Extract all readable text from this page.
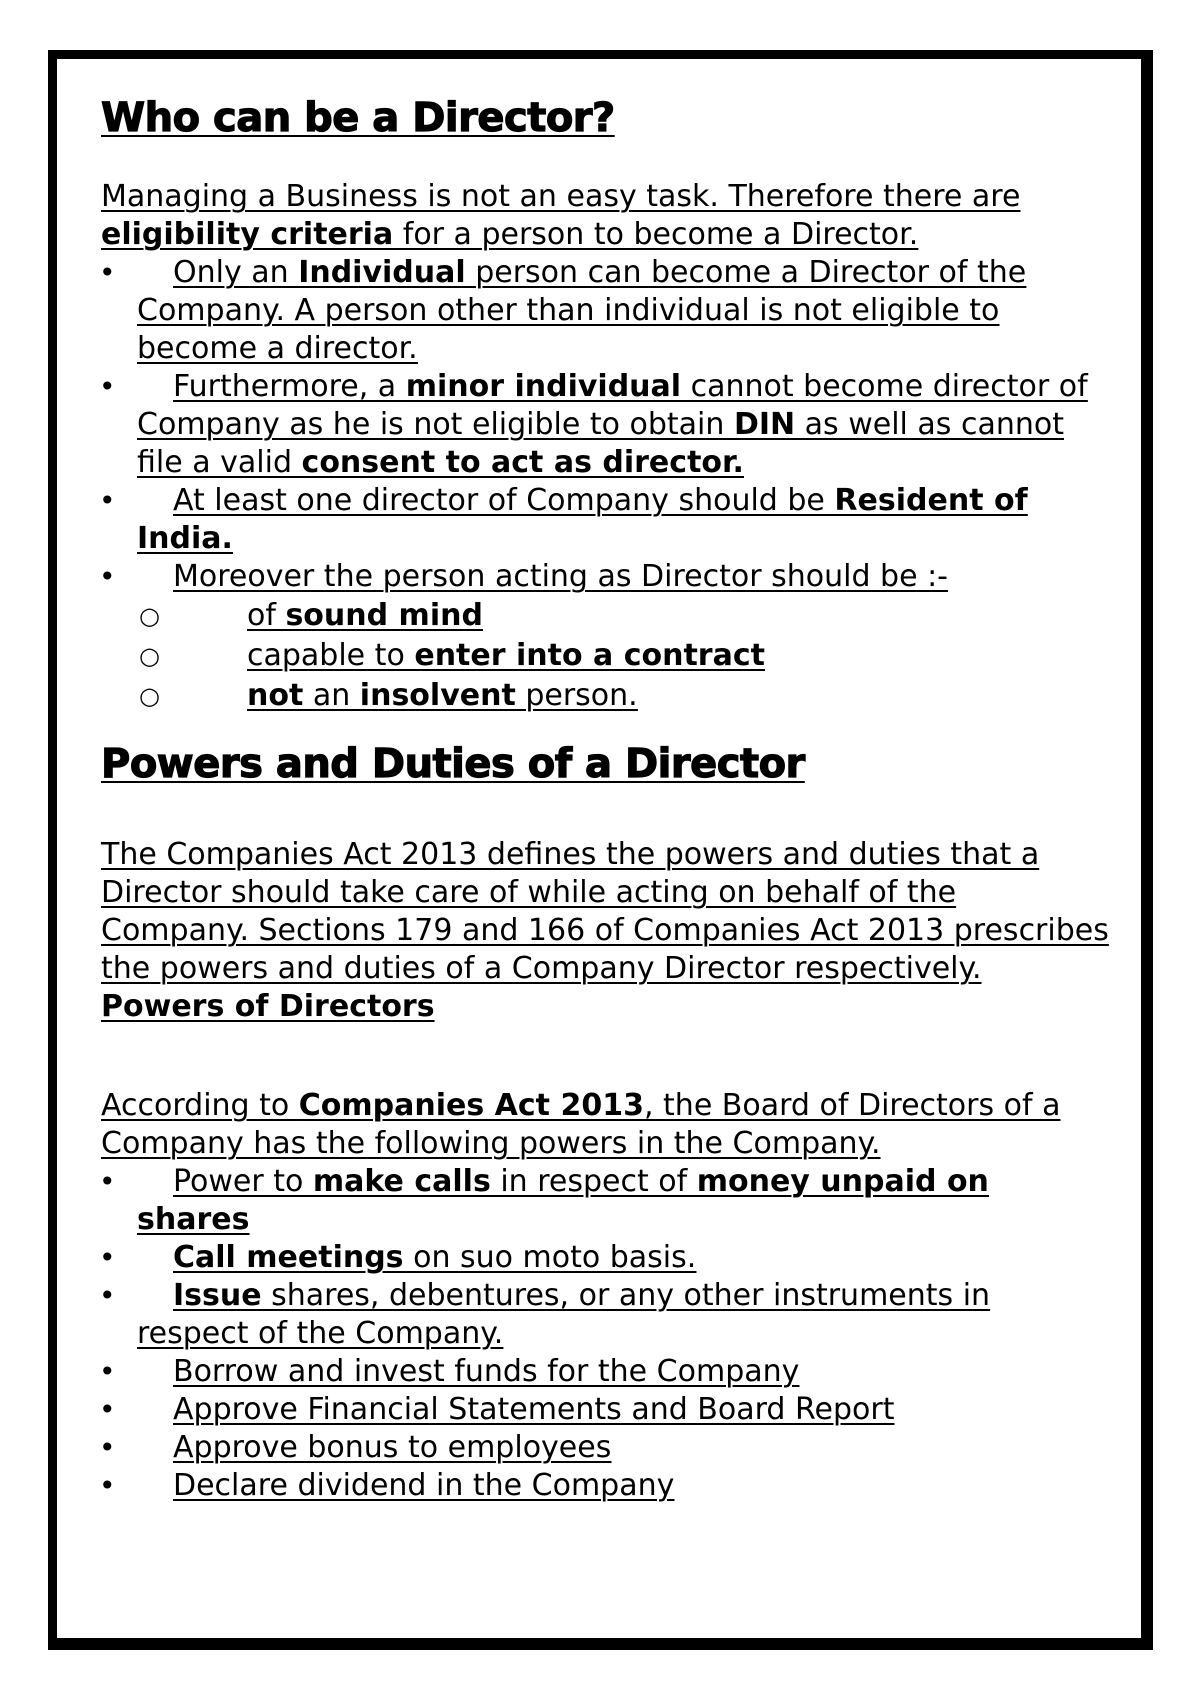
Who can be a Director?

Managing a Business is not an easy task. Therefore there are eligibility criteria for a person to become a Director.

• Only an Individual person can become a Director of the Company. A person other than individual is not eligible to become a director.
• Furthermore, a minor individual cannot become director of Company as he is not eligible to obtain DIN as well as cannot file a valid consent to act as director.
• At least one director of Company should be Resident of India.
• Moreover the person acting as Director should be :-
○ of sound mind
○ capable to enter into a contract
○ not an insolvent person.
Powers and Duties of a Director

The Companies Act 2013 defines the powers and duties that a Director should take care of while acting on behalf of the Company. Sections 179 and 166 of Companies Act 2013 prescribes the powers and duties of a Company Director respectively.

Powers of Directors

According to Companies Act 2013, the Board of Directors of a Company has the following powers in the Company.

• Power to make calls in respect of money unpaid on shares
• Call meetings on suo moto basis.
• Issue shares, debentures, or any other instruments in respect of the Company.
• Borrow and invest funds for the Company
• Approve Financial Statements and Board Report
• Approve bonus to employees
• Declare dividend in the Company
